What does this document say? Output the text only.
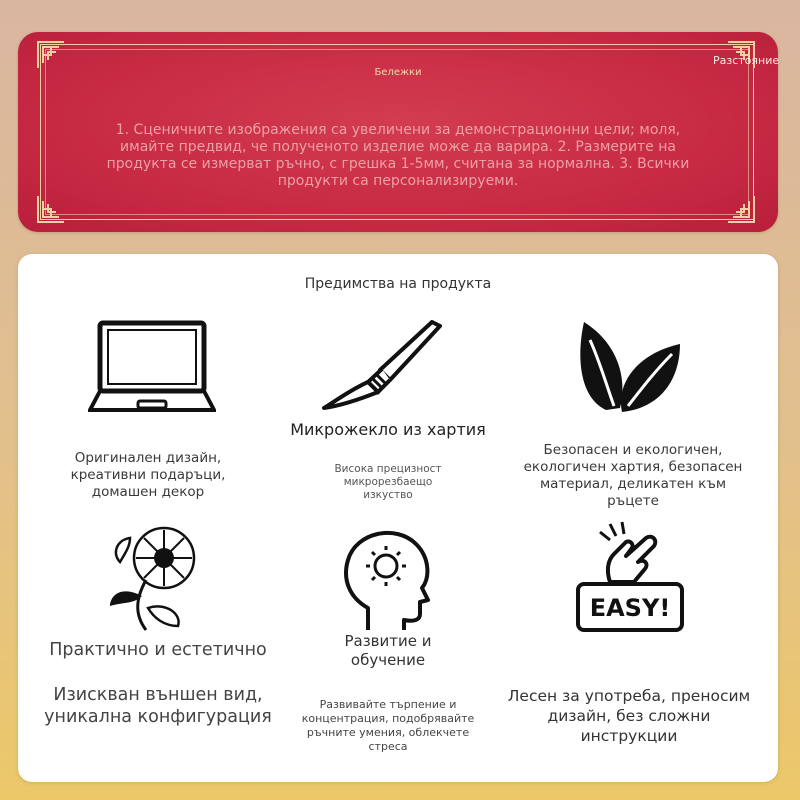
Бележки
1. Сценичните изображения са увеличени за демонстрационни цели; моля, имайте предвид, че полученото изделие може да варира. 2. Размерите на продукта се измерват ръчно, с грешка 1-5мм, считана за нормална. 3. Всички продукти са персонализируеми.
Разстояние
Предимства на продукта
Оригинален дизайн, креативни подаръци, домашен декор
Микрожекло из хартия
Висока прецизност микрорезбаещо изкуство
Безопасен и екологичен, екологичен хартия, безопасен материал, деликатен към ръцете
Практично и естетично
Изискван външен вид, уникална конфигурация
Развитие и обучение
Развивайте търпение и концентрация, подобрявайте ръчните умения, облекчете стреса
EASY!
Лесен за употреба, преносим дизайн, без сложни инструкции
